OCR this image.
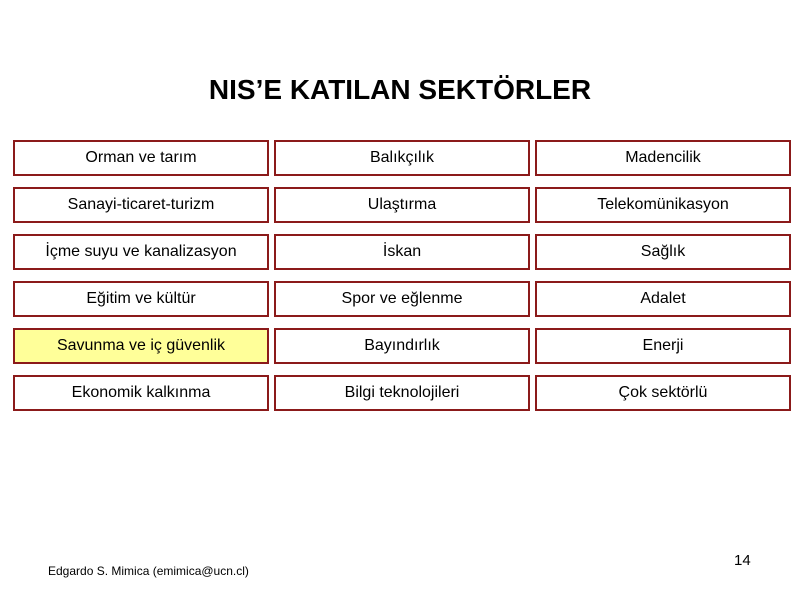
NIS’E KATILAN SEKTÖRLER
Orman ve tarım	Balıkçılık	Madencilik
Sanayi-ticaret-turizm	Ulaştırma	Telekomünikasyon
İçme suyu ve kanalizasyon	İskan	Sağlık
Eğitim ve kültür	Spor ve eğlenme	Adalet
Savunma ve iç güvenlik	Bayındırlık	Enerji
Ekonomik kalkınma	Bilgi teknolojileri	Çok sektörlü
14
Edgardo S. Mimica (emimica@ucn.cl)
